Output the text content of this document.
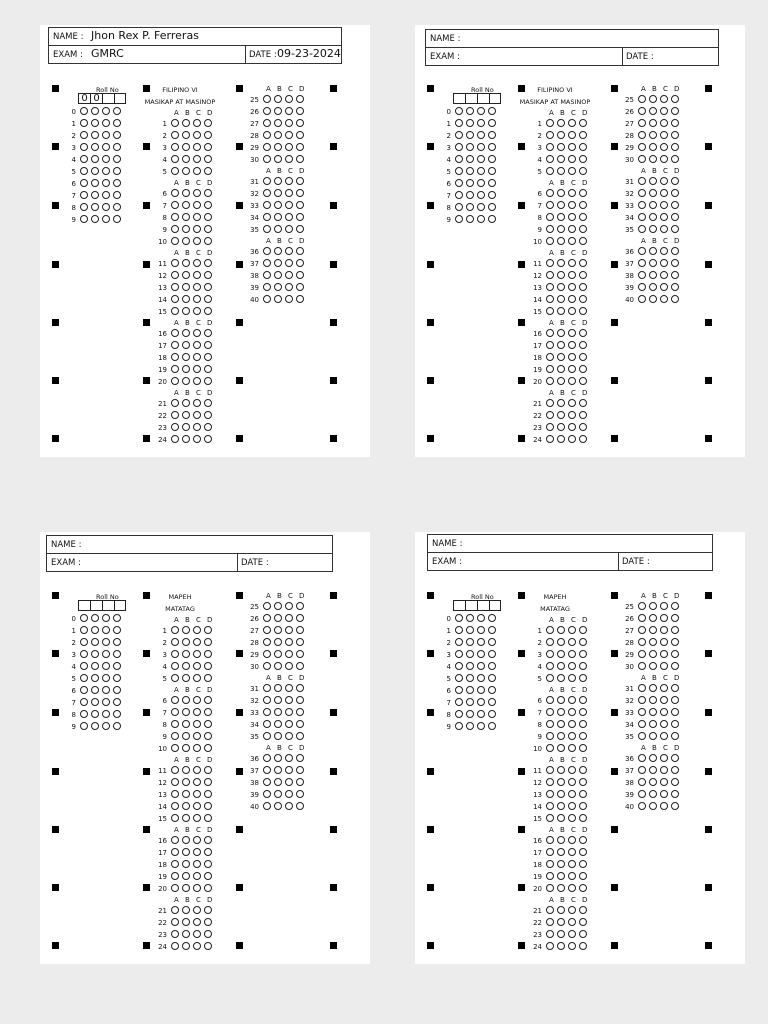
NAME : Jhon Rex P. Ferreras
EXAM : GMRC	DATE : 09-23-2024
Roll No
0 0
0
1
2
3
4
5
6
7
8
9
FILIPINO VI
MASIKAP AT MASINOP
A B C D
1
2
3
4
5
A B C D
6
7
8
9
10
A B C D
11
12
13
14
15
A B C D
16
17
18
19
20
A B C D
21
22
23
24
A B C D
25
26
27
28
29
30
A B C D
31
32
33
34
35
A B C D
36
37
38
39
40
NAME :
EXAM :	DATE :
Roll No
0
1
2
3
4
5
6
7
8
9
FILIPINO VI
MASIKAP AT MASINOP
A B C D
1
2
3
4
5
A B C D
6
7
8
9
10
A B C D
11
12
13
14
15
A B C D
16
17
18
19
20
A B C D
21
22
23
24
A B C D
25
26
27
28
29
30
A B C D
31
32
33
34
35
A B C D
36
37
38
39
40
NAME :
EXAM :	DATE :
Roll No
0
1
2
3
4
5
6
7
8
9
MAPEH
MATATAG
A B C D
1
2
3
4
5
A B C D
6
7
8
9
10
A B C D
11
12
13
14
15
A B C D
16
17
18
19
20
A B C D
21
22
23
24
A B C D
25
26
27
28
29
30
A B C D
31
32
33
34
35
A B C D
36
37
38
39
40
NAME :
EXAM :	DATE :
Roll No
0
1
2
3
4
5
6
7
8
9
MAPEH
MATATAG
A B C D
1
2
3
4
5
A B C D
6
7
8
9
10
A B C D
11
12
13
14
15
A B C D
16
17
18
19
20
A B C D
21
22
23
24
A B C D
25
26
27
28
29
30
A B C D
31
32
33
34
35
A B C D
36
37
38
39
40
